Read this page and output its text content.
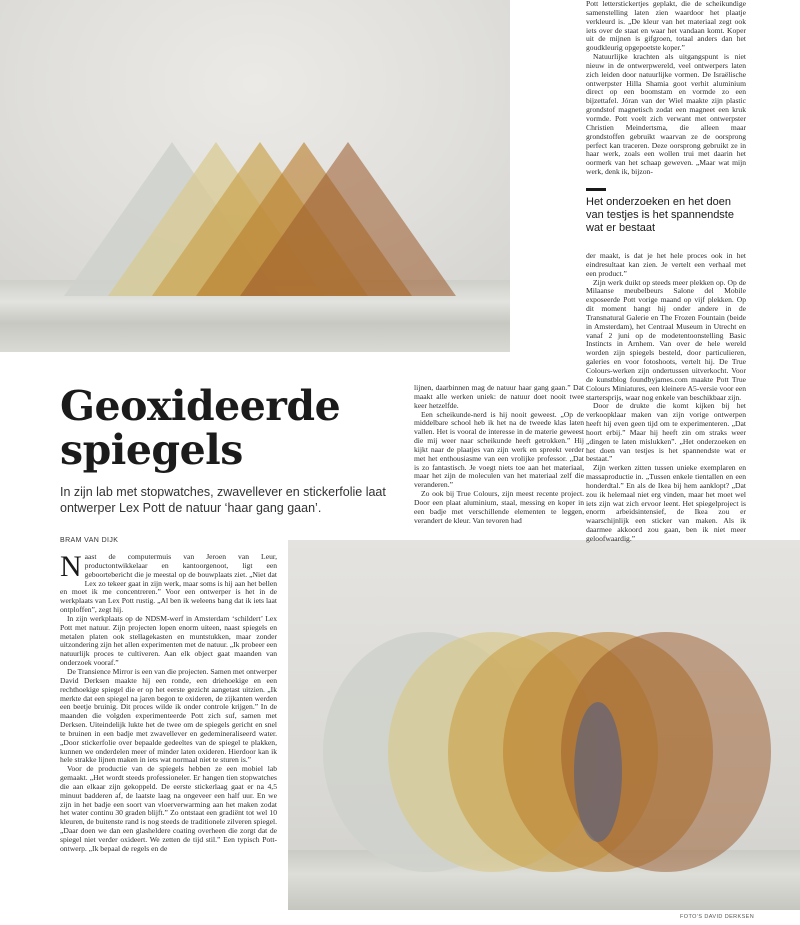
Geoxideerde spiegels

In zijn lab met stopwatches, zwavellever en stickerfolie laat ontwerper Lex Pott de natuur ‘haar gang gaan’.

BRAM VAN DIJK

Naast de computermuis van Jeroen van Leur, productontwikkelaar en kantoorgenoot, ligt een geboortebericht die je meestal op de bouwplaats ziet. „Niet dat Lex zo tekeer gaat in zijn werk, maar soms is hij aan het bellen en moet ik me concentreren.” Voor een ontwerper is het in de werkplaats van Lex Pott rustig. „Al ben ik weleens bang dat ik iets laat ontploffen”, zegt hij.

In zijn werkplaats op de NDSM-werf in Amsterdam ‘schildert’ Lex Pott met natuur. Zijn projecten lopen enorm uiteen, naast spiegels en metalen platen ook stellagekasten en muntstukken, maar zonder uitzondering zijn het allen experimenten met de natuur. „Ik probeer een natuurlijk proces te cultiveren. Aan elk object gaat maanden van onderzoek vooraf.”

De Transience Mirror is een van die projecten. Samen met ontwerper David Derksen maakte hij een ronde, een driehoekige en een rechthoekige spiegel die er op het eerste gezicht aangetast uitzien. „Ik merkte dat een spiegel na jaren begon te oxideren, de zijkanten werden een beetje bruinig. Dit proces wilde ik onder controle krijgen.” In de maanden die volgden experimenteerde Pott zich suf, samen met Derksen. Uiteindelijk lukte het de twee om de spiegels gericht en snel te bruinen in een badje met zwavellever en gedemineraliseerd water. „Door stickerfolie over bepaalde gedeeltes van de spiegel te plakken, kunnen we onderdelen meer of minder laten oxideren. Hierdoor kan ik hele strakke lijnen maken in iets wat normaal niet te sturen is.”

Voor de productie van de spiegels hebben ze een mobiel lab gemaakt. „Het wordt steeds professioneler. Er hangen tien stopwatches die aan elkaar zijn gekoppeld. De eerste stickerlaag gaat er na 4,5 minuut badderen af, de laatste laag na ongeveer een half uur. En we zijn in het badje een soort van vloerverwarming aan het maken zodat het water continu 30 graden blijft.” Zo ontstaat een gradiënt tot wel 10 kleuren, de buitenste rand is nog steeds de traditionele zilveren spiegel. „Daar doen we dan een glasheldere coating overheen die zorgt dat de spiegel niet verder oxideert. We zetten de tijd stil.” Een typisch Pott-ontwerp. „Ik bepaal de regels en de

lijnen, daarbinnen mag de natuur haar gang gaan.” Dat maakt alle werken uniek: de natuur doet nooit twee keer hetzelfde.

Een scheikunde-nerd is hij nooit geweest. „Op de middelbare school heb ik het na de tweede klas laten vallen. Het is vooral de interesse in de materie geweest die mij weer naar scheikunde heeft getrokken.” Hij kijkt naar de plaatjes van zijn werk en spreekt verder met het enthousiasme van een vrolijke professor. „Dat is zo fantastisch. Je voegt niets toe aan het materiaal, maar het zijn de moleculen van het materiaal zelf die veranderen.”

Zo ook bij True Colours, zijn meest recente project. Door een plaat aluminium, staal, messing en koper in een badje met verschillende elementen te leggen, verandert de kleur. Van tevoren had

Pott letterstickertjes geplakt, die de scheikundige samenstelling laten zien waardoor het plaatje verkleurd is. „De kleur van het materiaal zegt ook iets over de staat en waar het vandaan komt. Koper uit de mijnen is gifgroen, totaal anders dan het goudkleurig opgepoetste koper.”

Natuurlijke krachten als uitgangspunt is niet nieuw in de ontwerpwereld, veel ontwerpers laten zich leiden door natuurlijke vormen. De Israëlische ontwerpster Hilla Shamia goot verhit aluminium direct op een boomstam en vormde zo een bijzettafel. Jóran van der Wiel maakte zijn plastic grondstof magnetisch zodat een magneet een kruk vormde. Pott voelt zich verwant met ontwerpster Christien Meindertsma, die alleen maar grondstoffen gebruikt waarvan ze de oorsprong perfect kan traceren. Deze oorsprong gebruikt ze in haar werk, zoals een wollen trui met daarin het oormerk van het schaap geweven. „Maar wat mijn werk, denk ik, bijzon-

Het onderzoeken en het doen van testjes is het spannendste wat er bestaat

der maakt, is dat je het hele proces ook in het eindresultaat kan zien. Je vertelt een verhaal met een product.”

Zijn werk duikt op steeds meer plekken op. Op de Milaanse meubelbeurs Salone del Mobile exposeerde Pott vorige maand op vijf plekken. Op dit moment hangt hij onder andere in de Transnatural Galerie en The Frozen Fountain (beide in Amsterdam), het Centraal Museum in Utrecht en vanaf 2 juni op de modetentoonstelling Basic Instincts in Arnhem. Van over de hele wereld worden zijn spiegels besteld, door particulieren, galeries en voor fotoshoots, vertelt hij. De True Colours-werken zijn ondertussen uitverkocht. Voor de kunstblog foundbyjames.com maakte Pott True Colours Miniatures, een kleinere A5-versie voor een startersprijs, waar nog enkele van beschikbaar zijn.

Door de drukte die komt kijken bij het verkoopklaar maken van zijn vorige ontwerpen heeft hij even geen tijd om te experimenteren. „Dat hoort erbij.” Maar hij heeft zin om straks weer „dingen te laten mislukken”. „Het onderzoeken en het doen van testjes is het spannendste wat er bestaat.”

Zijn werken zitten tussen unieke exemplaren en massaproductie in. „Tussen enkele tientallen en een honderdtal.” En als de Ikea bij hem aanklopt? „Dat zou ik helemaal niet erg vinden, maar het moet wel iets zijn wat zich ervoor leent. Het spiegelproject is enorm arbeidsintensief, de Ikea zou er waarschijnlijk een sticker van maken. Als ik daarmee akkoord zou gaan, ben ik niet meer geloofwaardig.”

FOTO’S DAVID DERKSEN
